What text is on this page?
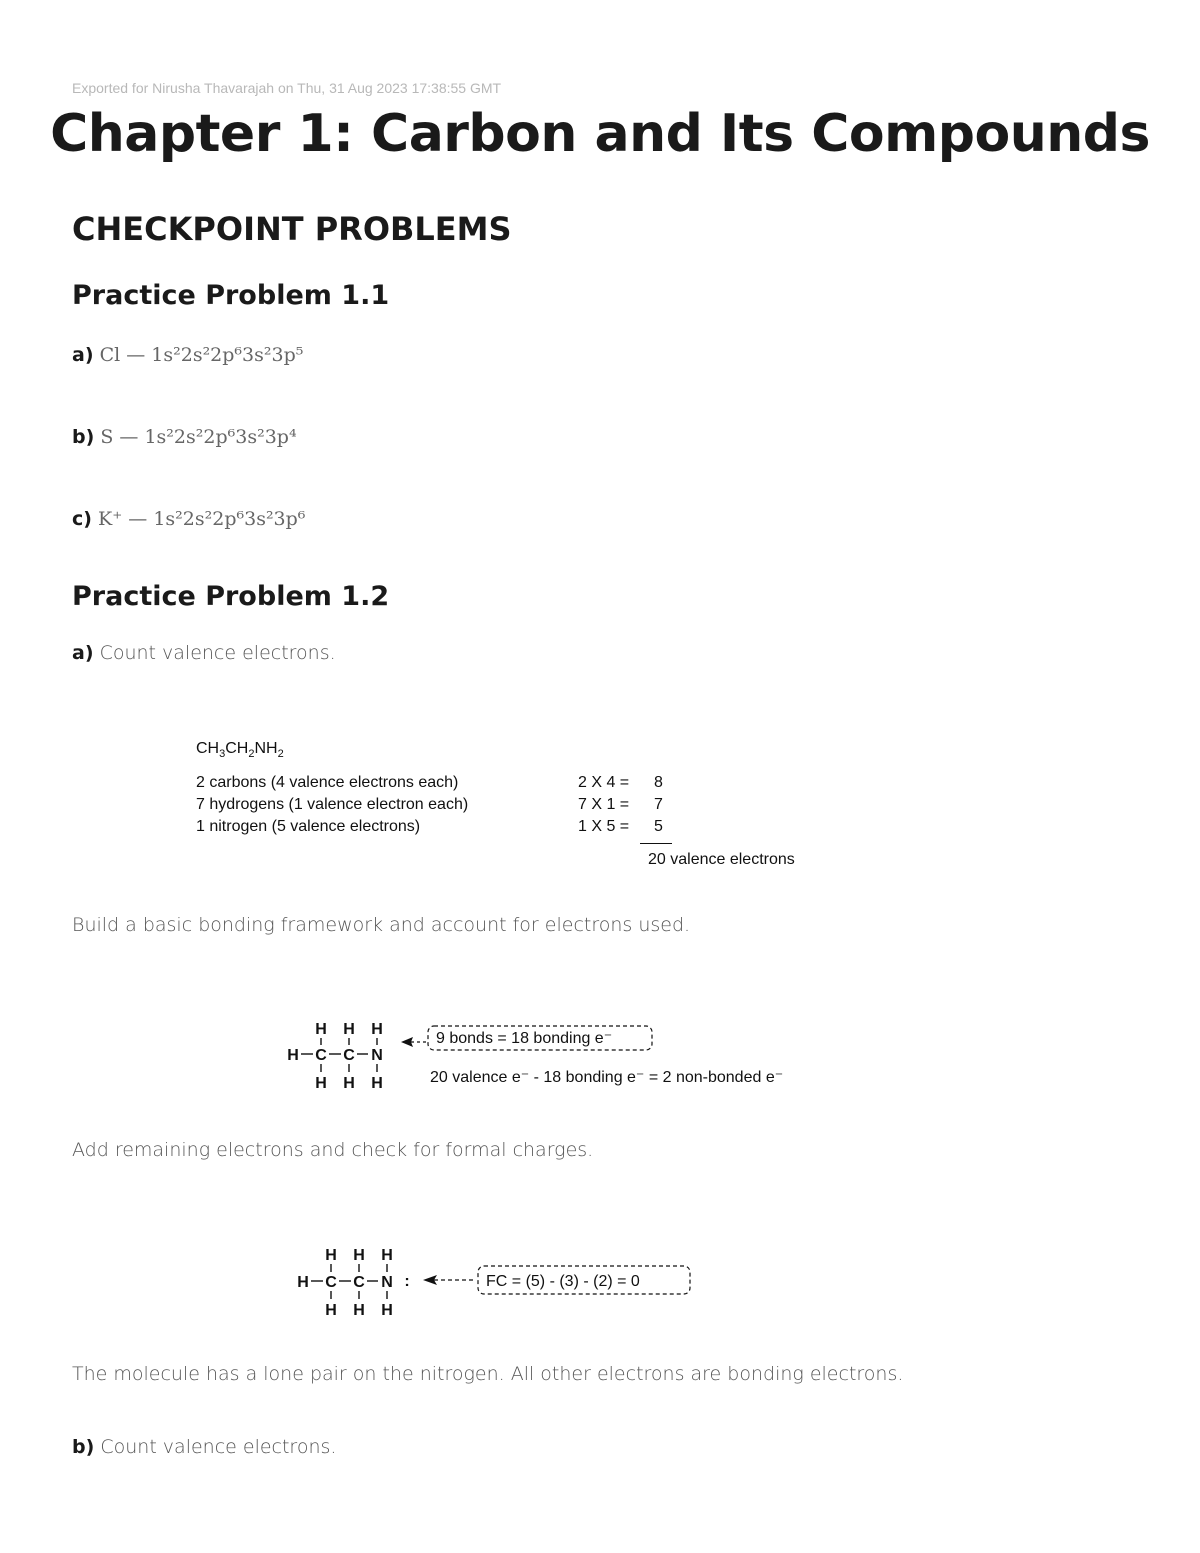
Exported for Nirusha Thavarajah on Thu, 31 Aug 2023 17:38:55 GMT
Chapter 1: Carbon and Its Compounds
CHECKPOINT PROBLEMS
Practice Problem 1.1
a) Cl — 1s²2s²2p⁶3s²3p⁵
b) S — 1s²2s²2p⁶3s²3p⁴
c) K⁺ — 1s²2s²2p⁶3s²3p⁶
Practice Problem 1.2
a) Count valence electrons.
$CH_3CH_2NH_2$
2 carbons (4 valence electrons each)	2 X 4 = 8
7 hydrogens (1 valence electron each)	7 X 1 = 7
1 nitrogen (5 valence electrons)	1 X 5 = 5
20 valence electrons
Build a basic bonding framework and account for electrons used.
H H H
H C C N
H H H
9 bonds = 18 bonding e⁻
20 valence e⁻ - 18 bonding e⁻ = 2 non-bonded e⁻
Add remaining electrons and check for formal charges.
H H H
H C C N :
H H H
FC = (5) - (3) - (2) = 0
The molecule has a lone pair on the nitrogen. All other electrons are bonding electrons.
b) Count valence electrons.
